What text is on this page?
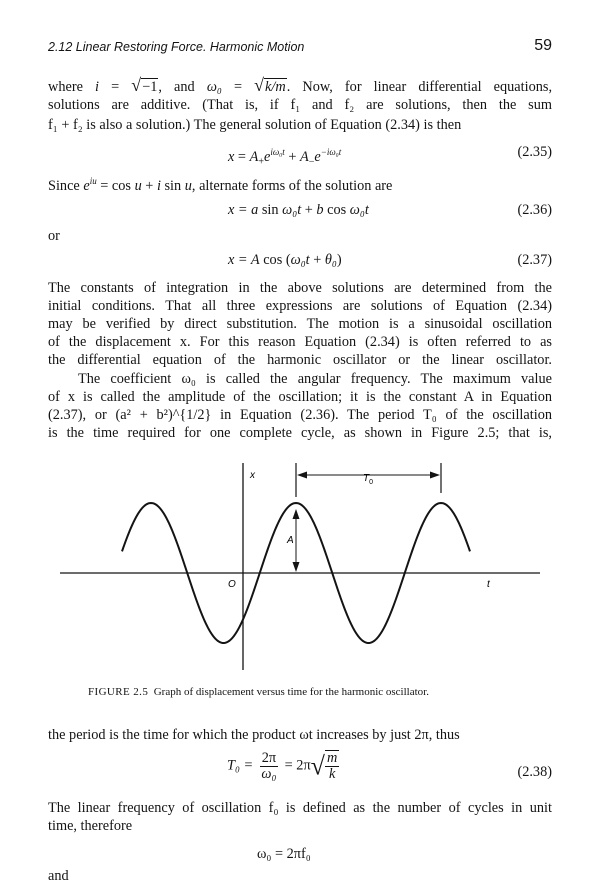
2.12 Linear Restoring Force. Harmonic Motion	59
where i = √−1, and ω₀ = √k/m. Now, for linear differential equations,
solutions are additive. (That is, if f₁ and f₂ are solutions, then the sum
f₁ + f₂ is also a solution.) The general solution of Equation (2.34) is then
$x = A_+e^{i\omega_0t} + A_-e^{-i\omega_0t}$	(2.35)
Since $e^{iu} = \cos u + i$ sin u, alternate forms of the solution are
x = a sin ω₀t + b cos ω₀t	(2.36)
or
x = A cos (ω₀t + θ₀)	(2.37)
The constants of integration in the above solutions are determined from the
initial conditions. That all three expressions are solutions of Equation (2.34)
may be verified by direct substitution. The motion is a sinusoidal oscillation
of the displacement x. For this reason Equation (2.34) is often referred to as
the differential equation of the harmonic oscillator or the linear oscillator.
The coefficient ω₀ is called the angular frequency. The maximum value
of x is called the amplitude of the oscillation; it is the constant A in Equation
(2.37), or (a² + b²)^{1/2} in Equation (2.36). The period T₀ of the oscillation
is the time required for one complete cycle, as shown in Figure 2.5; that is,
x
t
O
A
$T_0$
FIGURE 2.5 Graph of displacement versus time for the harmonic oscillator.
the period is the time for which the product ωt increases by just 2π, thus
$T_0 = \frac{2\pi}{\text{ω₀}} = 2\pi√ \frac{m}{k}$	(2.38)
The linear frequency of oscillation f₀ is defined as the number of cycles in unit
time, therefore
ω₀ = 2πf₀
and
